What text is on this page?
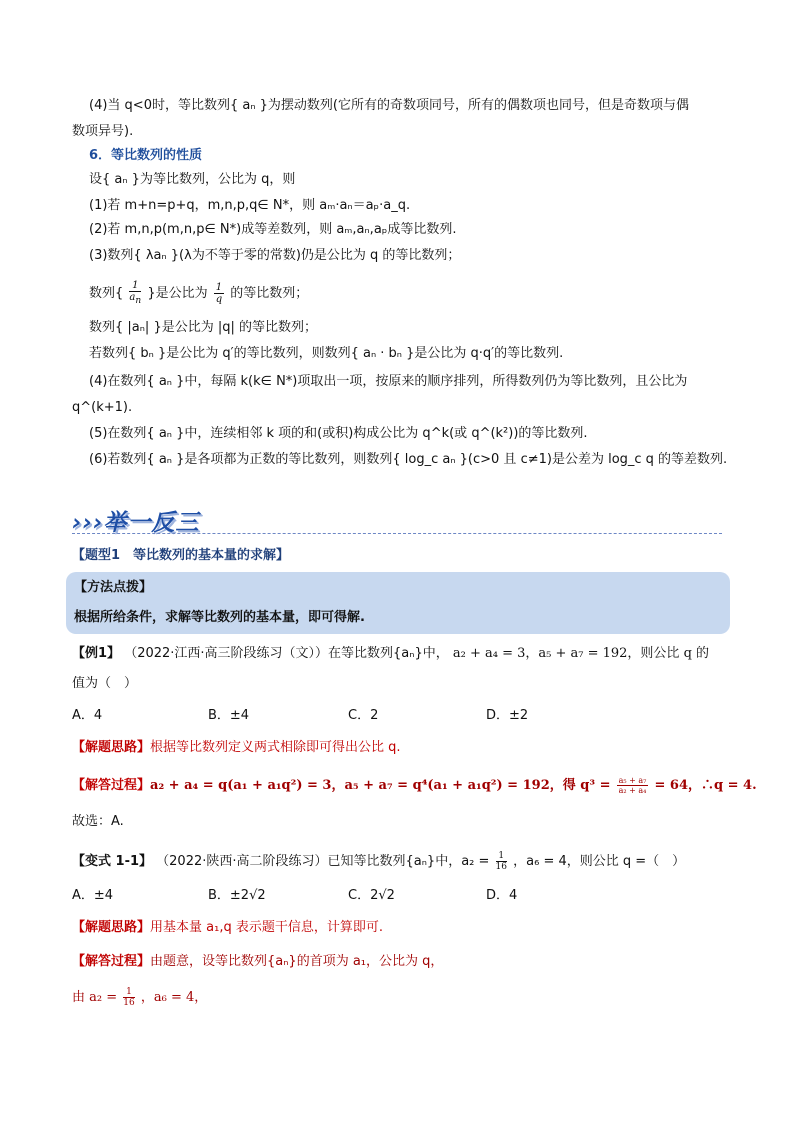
(4)当 q<0时，等比数列{ aₙ }为摆动数列(它所有的奇数项同号，所有的偶数项也同号，但是奇数项与偶
数项异号).
6．等比数列的性质
设{ aₙ }为等比数列，公比为 q，则
(1)若 m+n=p+q，m,n,p,q∈ N*，则 aₘ·aₙ＝aₚ·a_q.
(2)若 m,n,p(m,n,p∈ N*)成等差数列，则 aₘ,aₙ,aₚ成等比数列.
(3)数列{ λaₙ }(λ为不等于零的常数)仍是公比为 q 的等比数列；
数列{ $\frac{1}{a_n}$ }是公比为 $\frac{1}{q}$ 的等比数列；
数列{ |aₙ| }是公比为 |q| 的等比数列；
若数列{ bₙ }是公比为 q′的等比数列，则数列{ aₙ · bₙ }是公比为 q·q′的等比数列.
(4)在数列{ aₙ }中，每隔 k(k∈ N*)项取出一项，按原来的顺序排列，所得数列仍为等比数列，且公比为
q^(k+1).
(5)在数列{ aₙ }中，连续相邻 k 项的和(或积)构成公比为 q^k(或 q^(k²))的等比数列.
(6)若数列{ aₙ }是各项都为正数的等比数列，则数列{ log_c aₙ }(c>0 且 c≠1)是公差为 log_c q 的等差数列.
›››举一反三
【题型1　等比数列的基本量的求解】
【方法点拨】
根据所给条件，求解等比数列的基本量，即可得解.
【例1】 （2022·江西·高三阶段练习（文））在等比数列{aₙ}中， a₂ + a₄ = 3，a₅ + a₇ = 192，则公比 q 的
值为（　）
A．4	B．±4	C．2	D．±2
【解题思路】根据等比数列定义两式相除即可得出公比 q.
【解答过程】a₂ + a₄ = q(a₁ + a₁q²) = 3，a₅ + a₇ = q⁴(a₁ + a₁q²) = 192，得 $q^3 = \frac{\text{a₅ + a₇}}{\text{a₂ + a₄}} = 64$，∴q = 4.
故选：A.
【变式 1-1】 （2022·陕西·高二阶段练习）已知等比数列{aₙ}中，$a_2 = \frac{1}{16}$ ，a₆ = 4，则公比 q =（　）
A．±4	B．±2√2	C．2√2	D．4
【解题思路】用基本量 a₁,q 表示题干信息，计算即可.
【解答过程】由题意，设等比数列{aₙ}的首项为 a₁，公比为 q，
由 $a_2 = \frac{1}{16}$ ，a₆ = 4，
